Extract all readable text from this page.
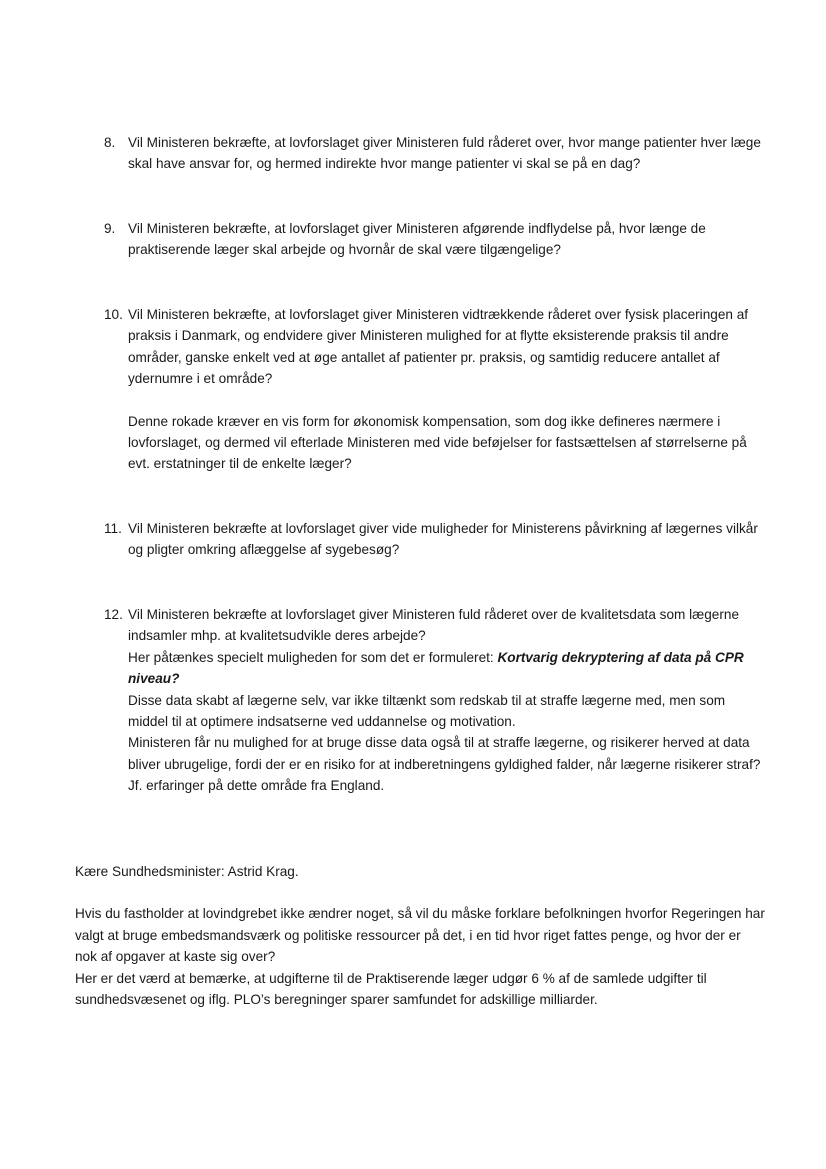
8. Vil Ministeren bekræfte, at lovforslaget giver Ministeren fuld råderet over, hvor mange patienter hver læge skal have ansvar for, og hermed indirekte hvor mange patienter vi skal se på en dag?

9. Vil Ministeren bekræfte, at lovforslaget giver Ministeren afgørende indflydelse på, hvor længe de praktiserende læger skal arbejde og hvornår de skal være tilgængelige?

10. Vil Ministeren bekræfte, at lovforslaget giver Ministeren vidtrækkende råderet over fysisk placeringen af praksis i Danmark, og endvidere giver Ministeren mulighed for at flytte eksisterende praksis til andre områder, ganske enkelt ved at øge antallet af patienter pr. praksis, og samtidig reducere antallet af ydernumre i et område?

Denne rokade kræver en vis form for økonomisk kompensation, som dog ikke defineres nærmere i lovforslaget, og dermed vil efterlade Ministeren med vide beføjelser for fastsættelsen af størrelserne på evt. erstatninger til de enkelte læger?

11. Vil Ministeren bekræfte at lovforslaget giver vide muligheder for Ministerens påvirkning af lægernes vilkår og pligter omkring aflæggelse af sygebesøg?

12. Vil Ministeren bekræfte at lovforslaget giver Ministeren fuld råderet over de kvalitetsdata som lægerne indsamler mhp. at kvalitetsudvikle deres arbejde?

Her påtænkes specielt muligheden for som det er formuleret: Kortvarig dekryptering af data på CPR niveau?

Disse data skabt af lægerne selv, var ikke tiltænkt som redskab til at straffe lægerne med, men som middel til at optimere indsatserne ved uddannelse og motivation.

Ministeren får nu mulighed for at bruge disse data også til at straffe lægerne, og risikerer herved at data bliver ubrugelige, fordi der er en risiko for at indberetningens gyldighed falder, når lægerne risikerer straf? Jf. erfaringer på dette område fra England.

Kære Sundhedsminister: Astrid Krag.

Hvis du fastholder at lovindgrebet ikke ændrer noget, så vil du måske forklare befolkningen hvorfor Regeringen har valgt at bruge embedsmandsværk og politiske ressourcer på det, i en tid hvor riget fattes penge, og hvor der er nok af opgaver at kaste sig over?

Her er det værd at bemærke, at udgifterne til de Praktiserende læger udgør 6 % af de samlede udgifter til sundhedsvæsenet og iflg. PLO’s beregninger sparer samfundet for adskillige milliarder.
